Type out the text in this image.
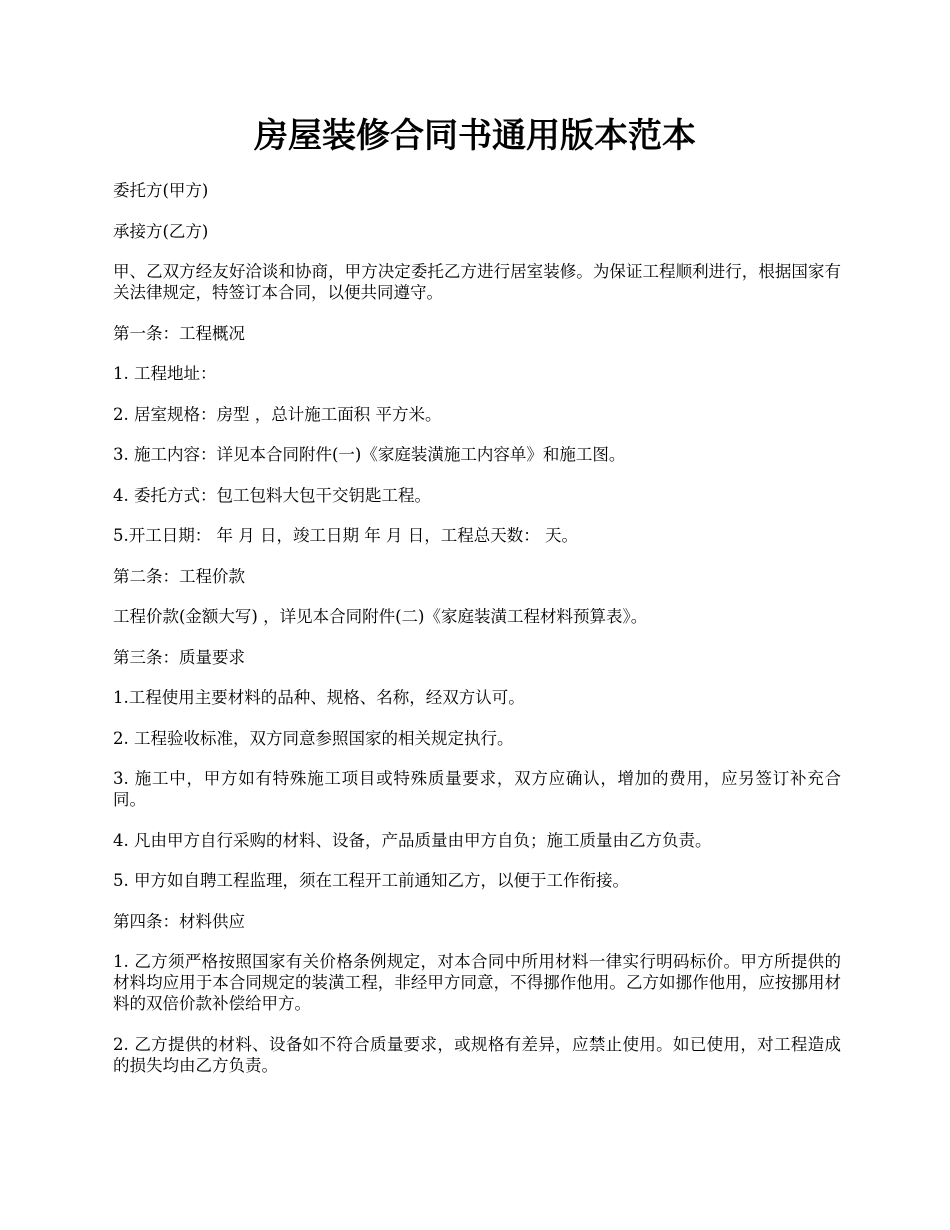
房屋装修合同书通用版本范本

委托方(甲方)

承接方(乙方)

甲、乙双方经友好洽谈和协商，甲方决定委托乙方进行居室装修。为保证工程顺利进行，根据国家有关法律规定，特签订本合同，以便共同遵守。

第一条：工程概况

1. 工程地址：

2. 居室规格：房型 ，总计施工面积 平方米。

3. 施工内容：详见本合同附件(一)《家庭装潢施工内容单》和施工图。

4. 委托方式：包工包料大包干交钥匙工程。

5.开工日期： 年 月 日，竣工日期 年 月 日，工程总天数： 天。

第二条：工程价款

工程价款(金额大写) ，详见本合同附件(二)《家庭装潢工程材料预算表》。

第三条：质量要求

1.工程使用主要材料的品种、规格、名称，经双方认可。

2. 工程验收标准，双方同意参照国家的相关规定执行。

3. 施工中，甲方如有特殊施工项目或特殊质量要求，双方应确认，增加的费用，应另签订补充合同。

4. 凡由甲方自行采购的材料、设备，产品质量由甲方自负；施工质量由乙方负责。

5. 甲方如自聘工程监理，须在工程开工前通知乙方，以便于工作衔接。

第四条：材料供应

1. 乙方须严格按照国家有关价格条例规定，对本合同中所用材料一律实行明码标价。甲方所提供的材料均应用于本合同规定的装潢工程，非经甲方同意，不得挪作他用。乙方如挪作他用，应按挪用材料的双倍价款补偿给甲方。

2. 乙方提供的材料、设备如不符合质量要求，或规格有差异，应禁止使用。如已使用，对工程造成的损失均由乙方负责。
